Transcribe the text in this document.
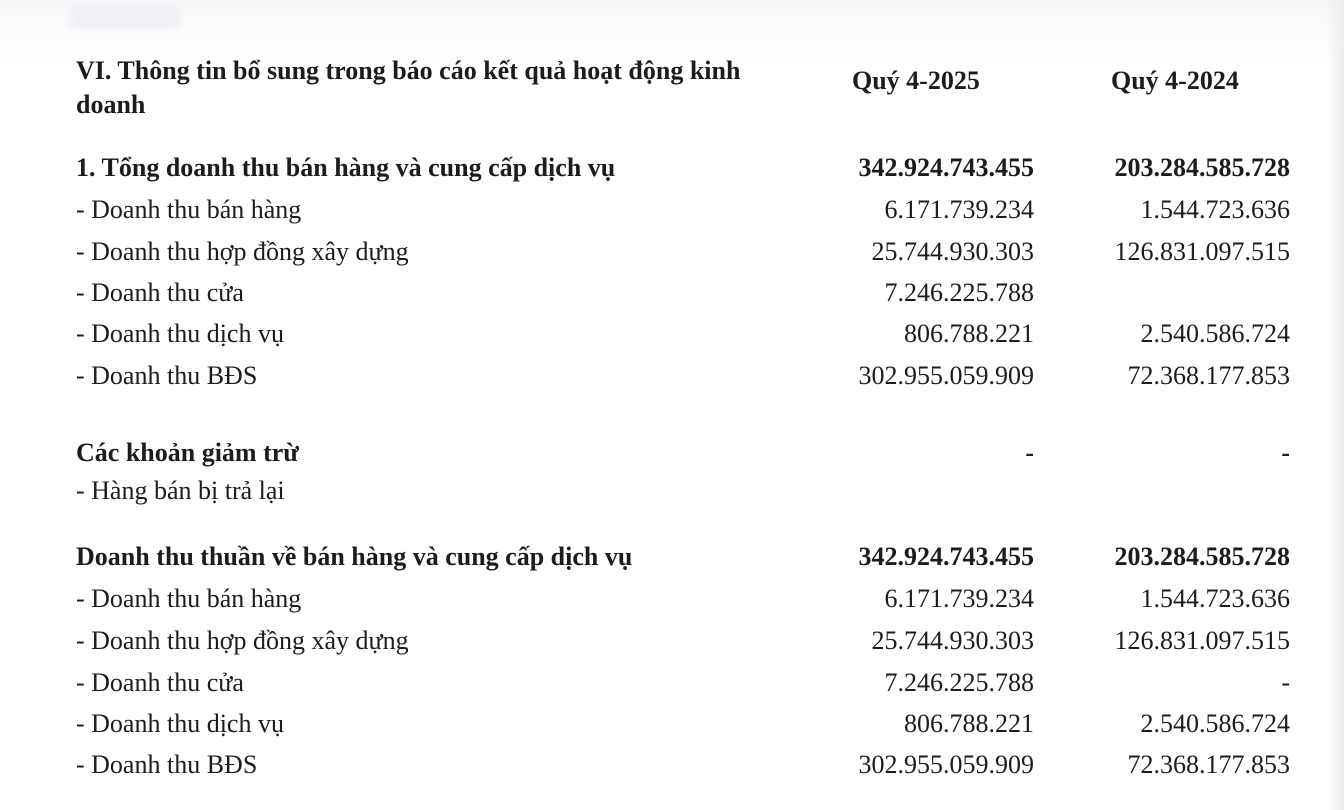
VI. Thông tin bổ sung trong báo cáo kết quả hoạt động kinh doanh
Quý 4-2025	Quý 4-2024
1. Tổng doanh thu bán hàng và cung cấp dịch vụ	342.924.743.455	203.284.585.728
- Doanh thu bán hàng	6.171.739.234	1.544.723.636
- Doanh thu hợp đồng xây dựng	25.744.930.303	126.831.097.515
- Doanh thu cửa	7.246.225.788
- Doanh thu dịch vụ	806.788.221	2.540.586.724
- Doanh thu BĐS	302.955.059.909	72.368.177.853
Các khoản giảm trừ	-	-
- Hàng bán bị trả lại
Doanh thu thuần về bán hàng và cung cấp dịch vụ	342.924.743.455	203.284.585.728
- Doanh thu bán hàng	6.171.739.234	1.544.723.636
- Doanh thu hợp đồng xây dựng	25.744.930.303	126.831.097.515
- Doanh thu cửa	7.246.225.788	-
- Doanh thu dịch vụ	806.788.221	2.540.586.724
- Doanh thu BĐS	302.955.059.909	72.368.177.853
